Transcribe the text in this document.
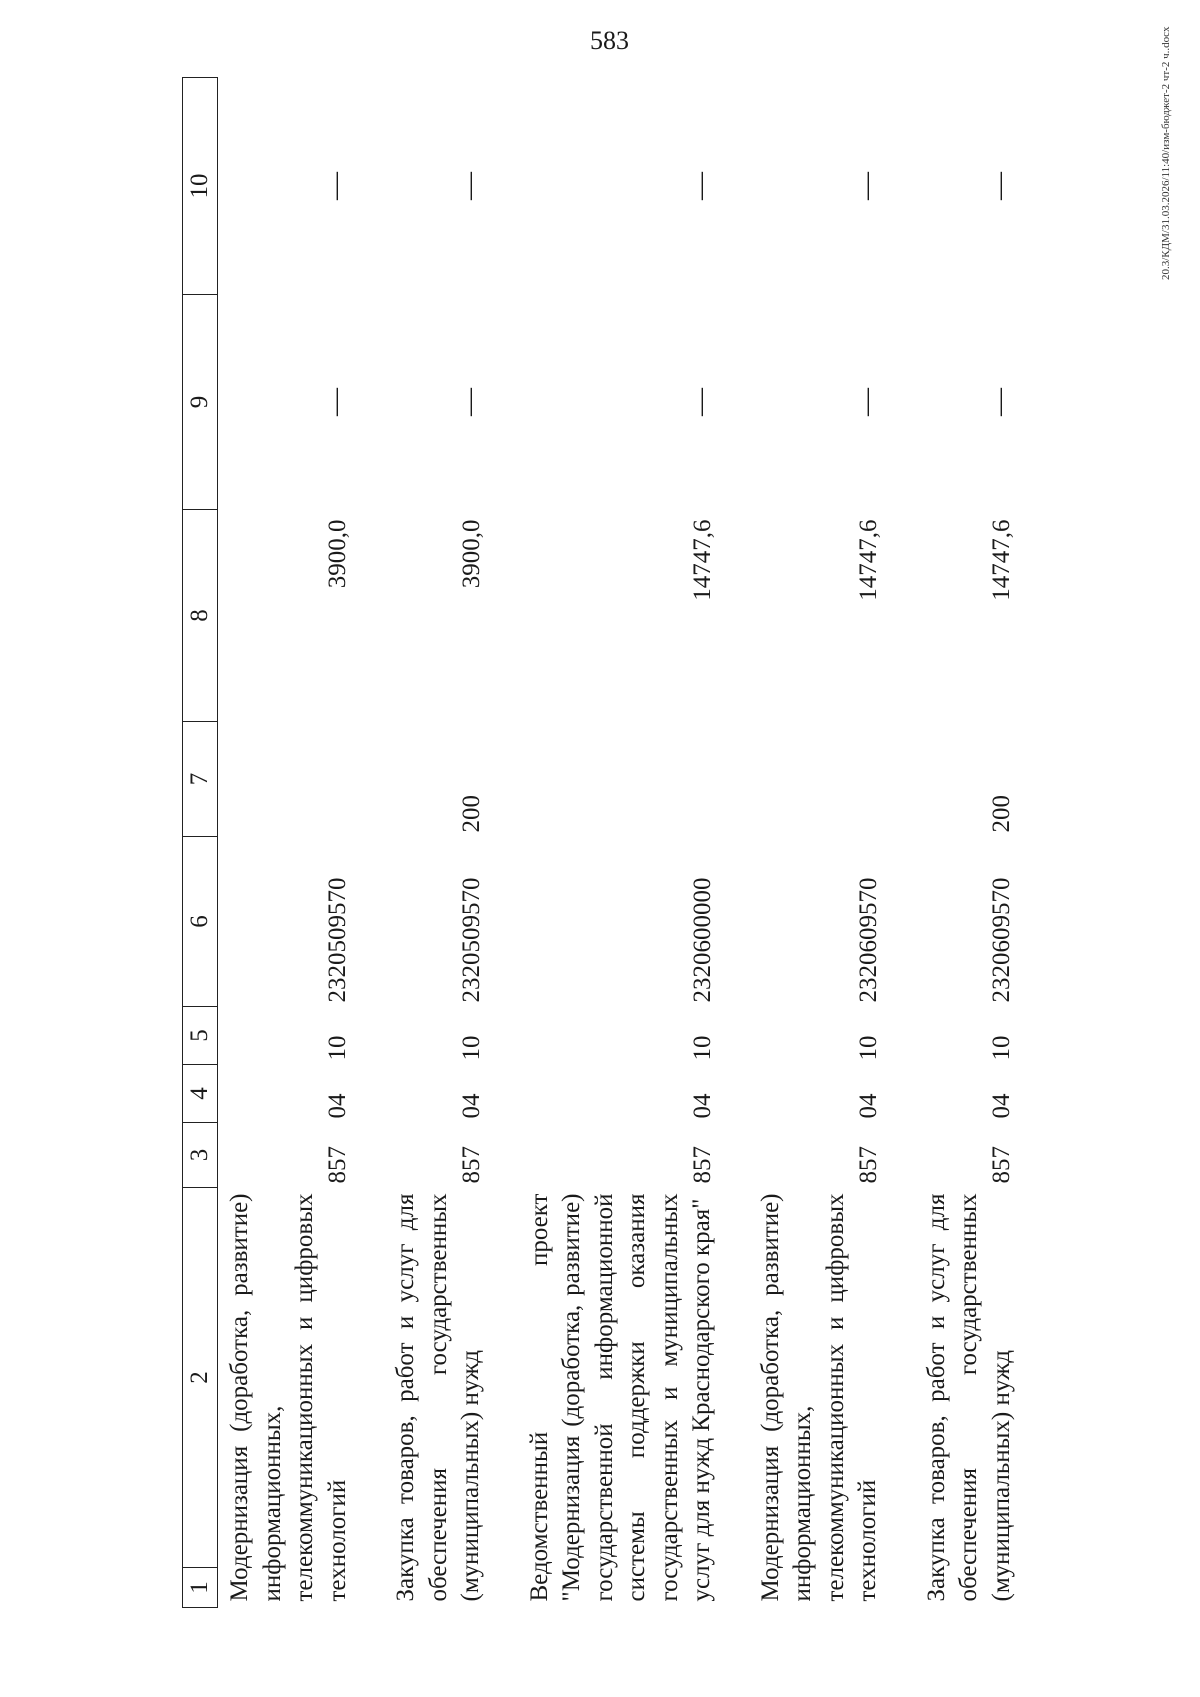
583	20.3/КДМ/31.03.2026/11:40/изм-бюджет-2 чт-2 ч..docx
1	2	3	4	5	6	7	8	9	10
Модернизация (доработка, развитие) информационных, телекоммуникационных и цифровых технологий		857	04	10	2320509570		3900,0	—	—

Закупка товаров, работ и услуг для обеспечения государственных (муниципальных) нужд		857	04	10	2320509570	200	3900,0	—	—

Ведомственный проект "Модернизация (доработка, развитие) государственной информационной системы поддержки оказания государственных и муниципальных услуг для нужд Краснодарского края"		857	04	10	2320600000		14747,6	—	—

Модернизация (доработка, развитие) информационных, телекоммуникационных и цифровых технологий		857	04	10	2320609570		14747,6	—	—

Закупка товаров, работ и услуг для обеспечения государственных (муниципальных) нужд		857	04	10	2320609570	200	14747,6	—	—
